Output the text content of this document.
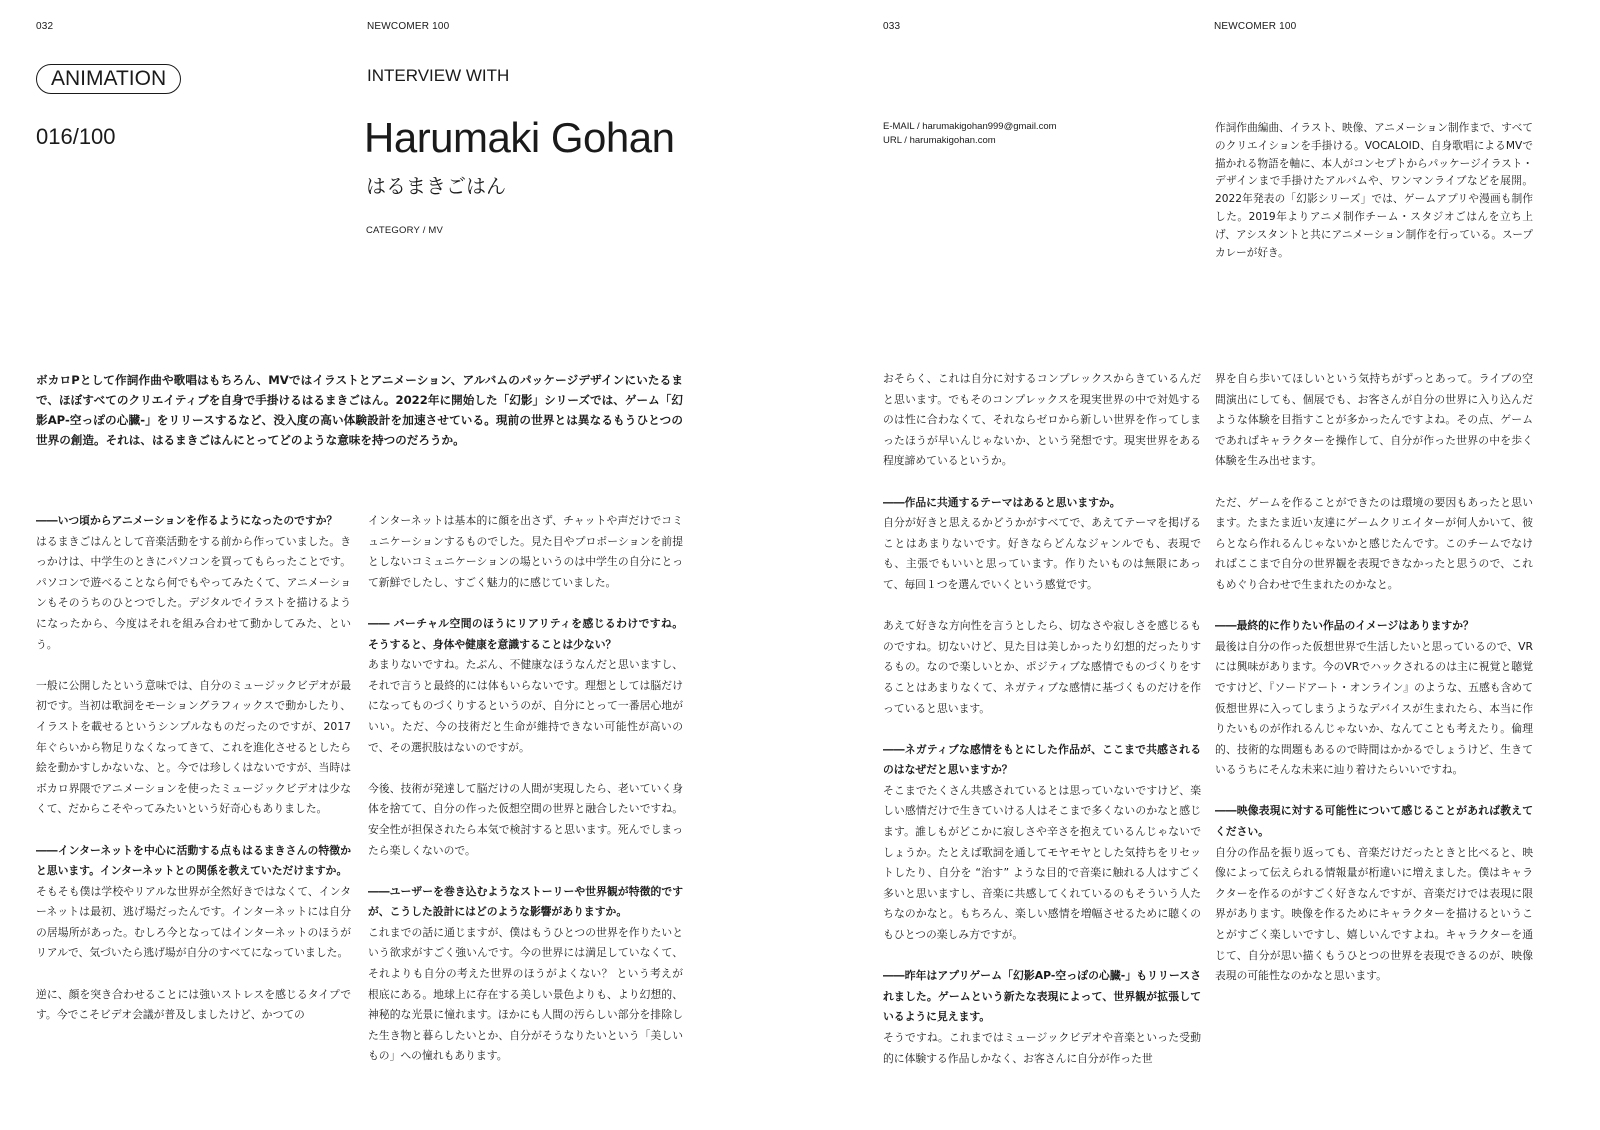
032	NEWCOMER 100
ANIMATION
016/100
INTERVIEW WITH
Harumaki Gohan
はるまきごはん
CATEGORY / MV
ボカロPとして作詞作曲や歌唱はもちろん、MVではイラストとアニメーション、アルバムのパッケージデザインにいたるまで、ほぼすべてのクリエイティブを自身で手掛けるはるまきごはん。2022年に開始した「幻影」シリーズでは、ゲーム「幻影AP-空っぽの心臓-」をリリースするなど、没入度の高い体験設計を加速させている。現前の世界とは異なるもうひとつの世界の創造。それは、はるまきごはんにとってどのような意味を持つのだろうか。

――いつ頃からアニメーションを作るようになったのですか？

はるまきごはんとして音楽活動をする前から作っていました。きっかけは、中学生のときにパソコンを買ってもらったことです。パソコンで遊べることなら何でもやってみたくて、アニメーションもそのうちのひとつでした。デジタルでイラストを描けるようになったから、今度はそれを組み合わせて動かしてみた、という。

一般に公開したという意味では、自分のミュージックビデオが最初です。当初は歌詞をモーショングラフィックスで動かしたり、イラストを載せるというシンプルなものだったのですが、2017年ぐらいから物足りなくなってきて、これを進化させるとしたら絵を動かすしかないな、と。今では珍しくはないですが、当時はボカロ界隈でアニメーションを使ったミュージックビデオは少なくて、だからこそやってみたいという好奇心もありました。

――インターネットを中心に活動する点もはるまきさんの特徴かと思います。インターネットとの関係を教えていただけますか。

そもそも僕は学校やリアルな世界が全然好きではなくて、インターネットは最初、逃げ場だったんです。インターネットには自分の居場所があった。むしろ今となってはインターネットのほうがリアルで、気づいたら逃げ場が自分のすべてになっていました。

逆に、顔を突き合わせることには強いストレスを感じるタイプです。今でこそビデオ会議が普及しましたけど、かつての

インターネットは基本的に顔を出さず、チャットや声だけでコミュニケーションするものでした。見た目やプロポーションを前提としないコミュニケーションの場というのは中学生の自分にとって新鮮でしたし、すごく魅力的に感じていました。

―― バーチャル空間のほうにリアリティを感じるわけですね。そうすると、身体や健康を意識することは少ない？

あまりないですね。たぶん、不健康なほうなんだと思いますし、それで言うと最終的には体もいらないです。理想としては脳だけになってものづくりするというのが、自分にとって一番居心地がいい。ただ、今の技術だと生命が維持できない可能性が高いので、その選択肢はないのですが。

今後、技術が発達して脳だけの人間が実現したら、老いていく身体を捨てて、自分の作った仮想空間の世界と融合したいですね。安全性が担保されたら本気で検討すると思います。死んでしまったら楽しくないので。

――ユーザーを巻き込むようなストーリーや世界観が特徴的ですが、こうした設計にはどのような影響がありますか。

これまでの話に通じますが、僕はもうひとつの世界を作りたいという欲求がすごく強いんです。今の世界には満足していなくて、それよりも自分の考えた世界のほうがよくない？ という考えが根底にある。地球上に存在する美しい景色よりも、より幻想的、神秘的な光景に憧れます。ほかにも人間の汚らしい部分を排除した生き物と暮らしたいとか、自分がそうなりたいという「美しいもの」への憧れもあります。

033	NEWCOMER 100
E-MAIL / harumakigohan999@gmail.com
URL / harumakigohan.com
作詞作曲編曲、イラスト、映像、アニメーション制作まで、すべてのクリエイションを手掛ける。VOCALOID、自身歌唱によるMVで描かれる物語を軸に、本人がコンセプトからパッケージイラスト・デザインまで手掛けたアルバムや、ワンマンライブなどを展開。2022年発表の「幻影シリーズ」では、ゲームアプリや漫画も制作した。2019年よりアニメ制作チーム・スタジオごはんを立ち上げ、アシスタントと共にアニメーション制作を行っている。スープカレーが好き。

おそらく、これは自分に対するコンプレックスからきているんだと思います。でもそのコンプレックスを現実世界の中で対処するのは性に合わなくて、それならゼロから新しい世界を作ってしまったほうが早いんじゃないか、という発想です。現実世界をある程度諦めているというか。

――作品に共通するテーマはあると思いますか。

自分が好きと思えるかどうかがすべてで、あえてテーマを掲げることはあまりないです。好きならどんなジャンルでも、表現でも、主張でもいいと思っています。作りたいものは無限にあって、毎回１つを選んでいくという感覚です。

あえて好きな方向性を言うとしたら、切なさや寂しさを感じるものですね。切ないけど、見た目は美しかったり幻想的だったりするもの。なので楽しいとか、ポジティブな感情でものづくりをすることはあまりなくて、ネガティブな感情に基づくものだけを作っていると思います。

――ネガティブな感情をもとにした作品が、ここまで共感されるのはなぜだと思いますか？

そこまでたくさん共感されているとは思っていないですけど、楽しい感情だけで生きていける人はそこまで多くないのかなと感じます。誰しもがどこかに寂しさや辛さを抱えているんじゃないでしょうか。たとえば歌詞を通してモヤモヤとした気持ちをリセットしたり、自分を “治す” ような目的で音楽に触れる人はすごく多いと思いますし、音楽に共感してくれているのもそういう人たちなのかなと。もちろん、楽しい感情を増幅させるために聴くのもひとつの楽しみ方ですが。

――昨年はアプリゲーム「幻影AP-空っぽの心臓-」もリリースされました。ゲームという新たな表現によって、世界観が拡張しているように見えます。

そうですね。これまではミュージックビデオや音楽といった受動的に体験する作品しかなく、お客さんに自分が作った世

界を自ら歩いてほしいという気持ちがずっとあって。ライブの空間演出にしても、個展でも、お客さんが自分の世界に入り込んだような体験を目指すことが多かったんですよね。その点、ゲームであればキャラクターを操作して、自分が作った世界の中を歩く体験を生み出せます。

ただ、ゲームを作ることができたのは環境の要因もあったと思います。たまたま近い友達にゲームクリエイターが何人かいて、彼らとなら作れるんじゃないかと感じたんです。このチームでなければここまで自分の世界観を表現できなかったと思うので、これもめぐり合わせで生まれたのかなと。

――最終的に作りたい作品のイメージはありますか？

最後は自分の作った仮想世界で生活したいと思っているので、VRには興味があります。今のVRでハックされるのは主に視覚と聴覚ですけど、『ソードアート・オンライン』のような、五感も含めて仮想世界に入ってしまうようなデバイスが生まれたら、本当に作りたいものが作れるんじゃないか、なんてことも考えたり。倫理的、技術的な問題もあるので時間はかかるでしょうけど、生きているうちにそんな未来に辿り着けたらいいですね。

――映像表現に対する可能性について感じることがあれば教えてください。

自分の作品を振り返っても、音楽だけだったときと比べると、映像によって伝えられる情報量が桁違いに増えました。僕はキャラクターを作るのがすごく好きなんですが、音楽だけでは表現に限界があります。映像を作るためにキャラクターを描けるということがすごく楽しいですし、嬉しいんですよね。キャラクターを通じて、自分が思い描くもうひとつの世界を表現できるのが、映像表現の可能性なのかなと思います。
